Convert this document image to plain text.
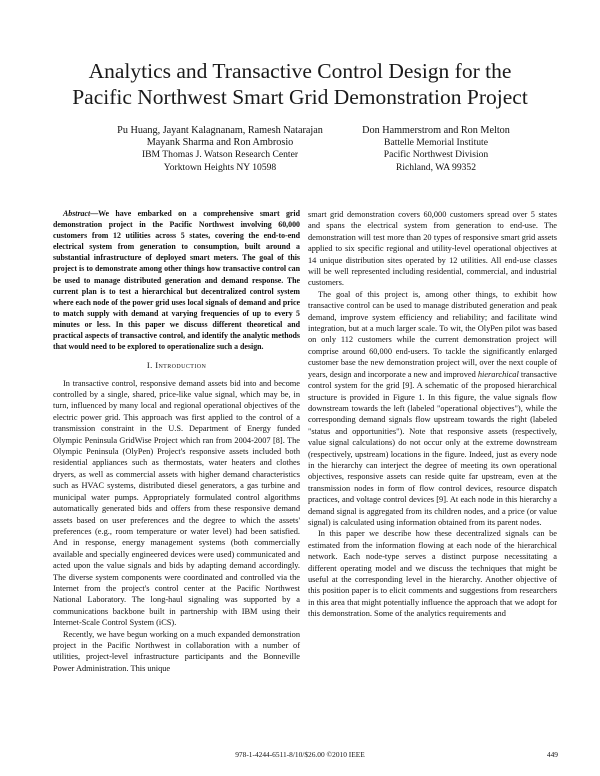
Analytics and Transactive Control Design for the
Pacific Northwest Smart Grid Demonstration Project
Pu Huang, Jayant Kalagnanam, Ramesh Natarajan
Mayank Sharma and Ron Ambrosio
IBM Thomas J. Watson Research Center
Yorktown Heights NY 10598
Don Hammerstrom and Ron Melton
Battelle Memorial Institute
Pacific Northwest Division
Richland, WA 99352

Abstract—We have embarked on a comprehensive smart grid demonstration project in the Pacific Northwest involving 60,000 customers from 12 utilities across 5 states, covering the end-to-end electrical system from generation to consumption, built around a substantial infrastructure of deployed smart meters. The goal of this project is to demonstrate among other things how transactive control can be used to manage distributed generation and demand response. The current plan is to test a hierarchical but decentralized control system where each node of the power grid uses local signals of demand and price to match supply with demand at varying frequencies of up to every 5 minutes or less. In this paper we discuss different theoretical and practical aspects of transactive control, and identify the analytic methods that would need to be explored to operationalize such a design.

I. Introduction

In transactive control, responsive demand assets bid into and become controlled by a single, shared, price-like value signal, which may be, in turn, influenced by many local and regional operational objectives of the electric power grid. This approach was first applied to the control of a transmission constraint in the U.S. Department of Energy funded Olympic Peninsula GridWise Project which ran from 2004-2007 [8]. The Olympic Peninsula (OlyPen) Project's responsive assets included both residential appliances such as thermostats, water heaters and clothes dryers, as well as commercial assets with higher demand characteristics such as HVAC systems, distributed diesel generators, a gas turbine and municipal water pumps. Appropriately formulated control algorithms automatically generated bids and offers from these responsive demand assets based on user preferences and the degree to which the assets' preferences (e.g., room temperature or water level) had been satisfied. And in response, energy management systems (both commercially available and specially engineered devices were used) communicated and acted upon the value signals and bids by adapting demand accordingly. The diverse system components were coordinated and controlled via the Internet from the project's control center at the Pacific Northwest National Laboratory. The long-haul signaling was supported by a communications backbone built in partnership with IBM using their Internet-Scale Control System (iCS).

Recently, we have begun working on a much expanded demonstration project in the Pacific Northwest in collaboration with a number of utilities, project-level infrastructure participants and the Bonneville Power Administration. This unique

smart grid demonstration covers 60,000 customers spread over 5 states and spans the electrical system from generation to end-use. The demonstration will test more than 20 types of responsive smart grid assets applied to six specific regional and utility-level operational objectives at 14 unique distribution sites operated by 12 utilities. All end-use classes will be well represented including residential, commercial, and industrial customers.

The goal of this project is, among other things, to exhibit how transactive control can be used to manage distributed generation and peak demand, improve system efficiency and reliability; and facilitate wind integration, but at a much larger scale. To wit, the OlyPen pilot was based on only 112 customers while the current demonstration project will comprise around 60,000 end-users. To tackle the significantly enlarged customer base the new demonstration project will, over the next couple of years, design and incorporate a new and improved hierarchical transactive control system for the grid [9]. A schematic of the proposed hierarchical structure is provided in Figure 1. In this figure, the value signals flow downstream towards the left (labeled "operational objectives"), while the corresponding demand signals flow upstream towards the right (labeled "status and opportunities"). Note that responsive assets (respectively, value signal calculations) do not occur only at the extreme downstream (respectively, upstream) locations in the figure. Indeed, just as every node in the hierarchy can interject the degree of meeting its own operational objectives, responsive assets can reside quite far upstream, even at the transmission nodes in form of flow control devices, resource dispatch practices, and voltage control devices [9]. At each node in this hierarchy a demand signal is aggregated from its children nodes, and a price (or value signal) is calculated using information obtained from its parent nodes.

In this paper we describe how these decentralized signals can be estimated from the information flowing at each node of the hierarchical network. Each node-type serves a distinct purpose necessitating a different operating model and we discuss the techniques that might be useful at the corresponding level in the hierarchy. Another objective of this position paper is to elicit comments and suggestions from researchers in this area that might potentially influence the approach that we adopt for this demonstration. Some of the analytics requirements and

978-1-4244-6511-8/10/$26.00 ©2010 IEEE	449
